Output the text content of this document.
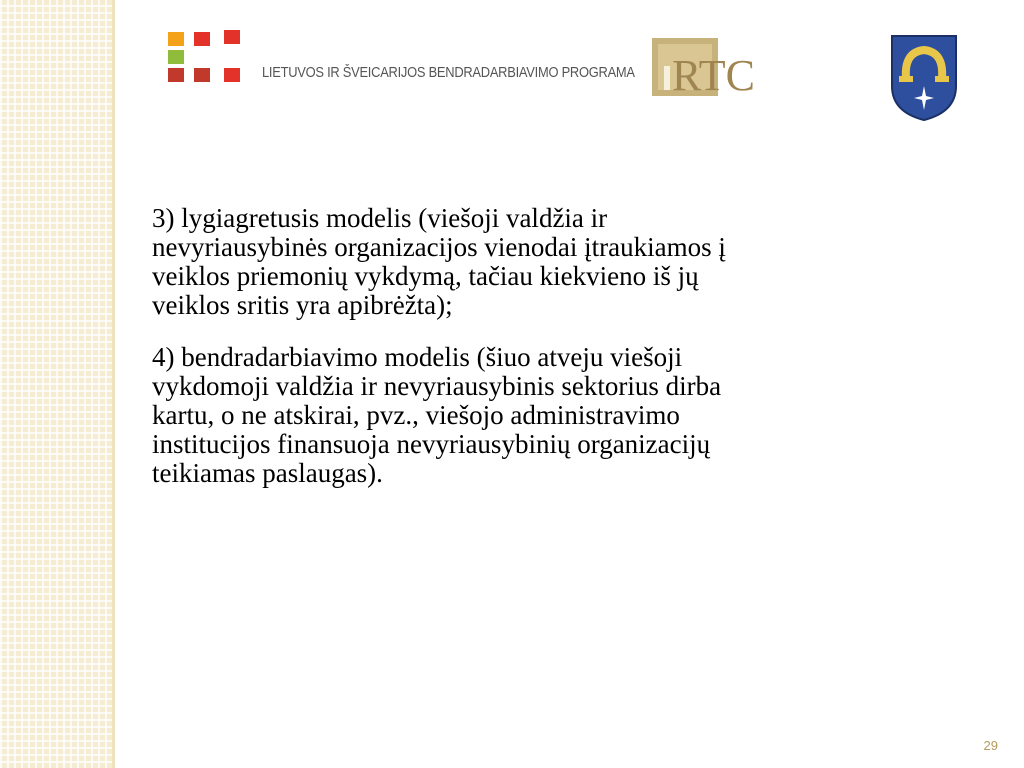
LIETUVOS IR ŠVEICARIJOS BENDRADARBIAVIMO PROGRAMA RTC

3) lygiagretusis modelis (viešoji valdžia ir
nevyriausybinės organizacijos vienodai įtraukiamos į
veiklos priemonių vykdymą, tačiau kiekvieno iš jų
veiklos sritis yra apibrėžta);

4) bendradarbiavimo modelis (šiuo atveju viešoji
vykdomoji valdžia ir nevyriausybinis sektorius dirba
kartu, o ne atskirai, pvz., viešojo administravimo
institucijos finansuoja nevyriausybinių organizacijų
teikiamas paslaugas).

29
